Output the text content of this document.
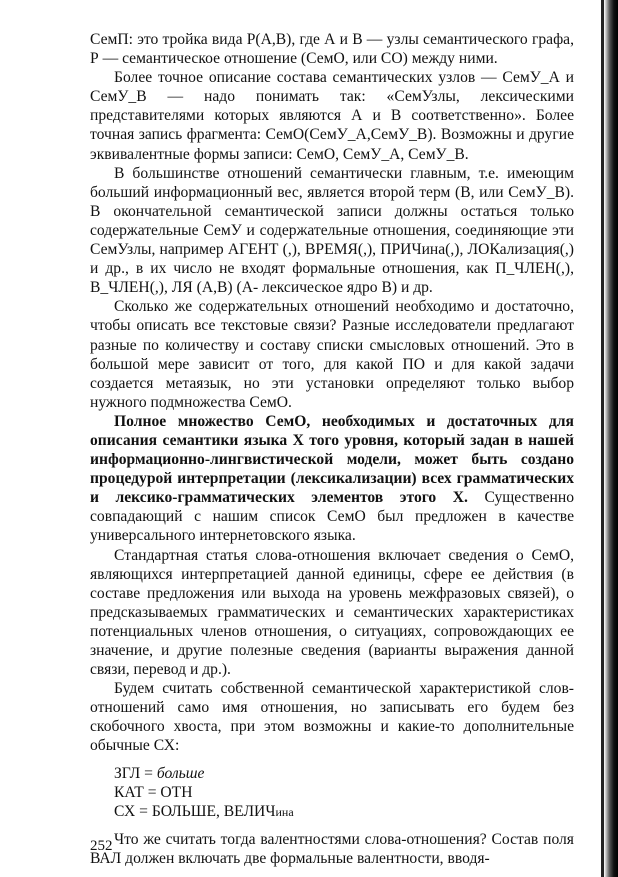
СемП: это тройка вида Р(А,В), где А и В — узлы семантического графа, Р — семантическое отношение (СемО, или СО) между ними.

Более точное описание состава семантических узлов — СемУ_А и СемУ_В — надо понимать так: «СемУзлы, лексическими представителями которых являются А и В соответственно». Более точная запись фрагмента: СемО(СемУ_А,СемУ_В). Возможны и другие эквивалентные формы записи: СемО, СемУ_А, СемУ_В.

В большинстве отношений семантически главным, т.е. имеющим больший информационный вес, является второй терм (В, или СемУ_В). В окончательной семантической записи должны остаться только содержательные СемУ и содержательные отношения, соединяющие эти СемУзлы, например АГЕНТ (,), ВРЕМЯ(,), ПРИЧина(,), ЛОКализация(,) и др., в их число не входят формальные отношения, как П_ЧЛЕН(,), В_ЧЛЕН(,), ЛЯ (А,В) (А- лексическое ядро В) и др.

Сколько же содержательных отношений необходимо и достаточно, чтобы описать все текстовые связи? Разные исследователи предлагают разные по количеству и составу списки смысловых отношений. Это в большой мере зависит от того, для какой ПО и для какой задачи создается метаязык, но эти установки определяют только выбор нужного подмножества СемО.

Полное множество СемО, необходимых и достаточных для описания семантики языка X того уровня, который задан в нашей информационно-лингвистической модели, может быть создано процедурой интерпретации (лексикализации) всех грамматических и лексико-грамматических элементов этого X. Существенно совпадающий с нашим список СемО был предложен в качестве универсального интернетовского языка.

Стандартная статья слова-отношения включает сведения о СемО, являющихся интерпретацией данной единицы, сфере ее действия (в составе предложения или выхода на уровень межфразовых связей), о предсказываемых грамматических и семантических характеристиках потенциальных членов отношения, о ситуациях, сопровождающих ее значение, и другие полезные сведения (варианты выражения данной связи, перевод и др.).

Будем считать собственной семантической характеристикой слов-отношений само имя отношения, но записывать его будем без скобочного хвоста, при этом возможны и какие-то дополнительные обычные СХ:

ЗГЛ = больше
КАТ = ОТН
СХ = БОЛЬШЕ, ВЕЛИЧина

Что же считать тогда валентностями слова-отношения? Состав поля ВАЛ должен включать две формальные валентности, вводя-

252
